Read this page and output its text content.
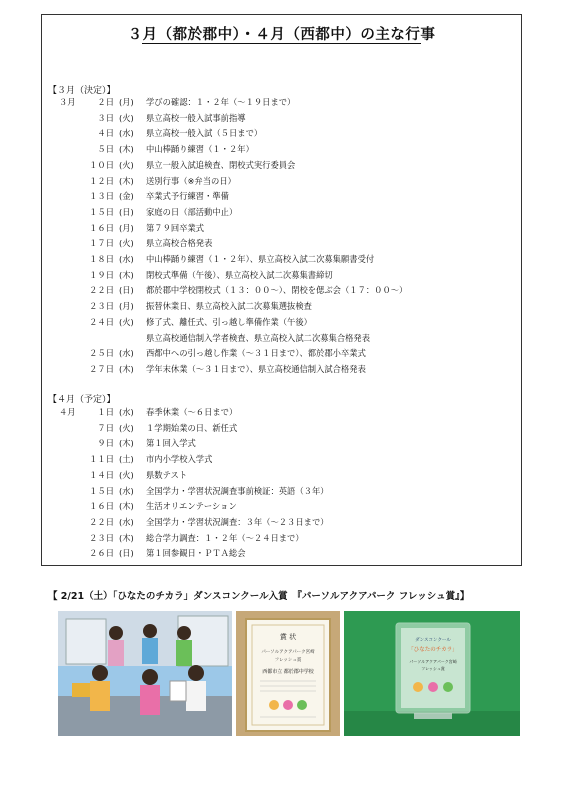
３月（都於郡中）・４月（西都中）の主な行事
【３月（決定）】
３月	２日 (月)	学びの確認：１・２年（～１９日まで）
３日 (火)	県立高校一般入試事前指導
４日 (水)	県立高校一般入試（５日まで）
５日 (木)	中山棒踊り練習（１・２年）
１０日 (火)	県立一般入試追検査、閉校式実行委員会
１２日 (木)	送別行事（※弁当の日）
１３日 (金)	卒業式予行練習・準備
１５日 (日)	家庭の日（部活動中止）
１６日 (月)	第７９回卒業式
１７日 (火)	県立高校合格発表
１８日 (水)	中山棒踊り練習（１・２年）、県立高校入試二次募集願書受付
１９日 (木)	閉校式準備（午後）、県立高校入試二次募集書締切
２２日 (日)	都於郡中学校閉校式（１３：００～）、閉校を偲ぶ会（１７：００～）
２３日 (月)	振替休業日、県立高校入試二次募集選抜検査
２４日 (火)	修了式、離任式、引っ越し準備作業（午後）
県立高校通信制入学者検査、県立高校入試二次募集合格発表
２５日 (水)	西都中への引っ越し作業（～３１日まで）、都於郡小卒業式
２７日 (木)	学年末休業（～３１日まで）、県立高校通信制入試合格発表
【４月（予定）】
４月	１日 (水)	春季休業（～６日まで）
７日 (火)	１学期始業の日、新任式
９日 (木)	第１回入学式
１１日 (土)	市内小学校入学式
１４日 (火)	県数テスト
１５日 (水)	全国学力・学習状況調査事前検証：英語（３年）
１６日 (木)	生活オリエンテーション
２２日 (水)	全国学力・学習状況調査：３年（～２３日まで）
２３日 (木)	総合学力調査：１・２年（～２４日まで）
２６日 (日)	第１回参観日・ＰＴＡ総会
【 2/21（土）「ひなたのチカラ」ダンスコンクール入賞　『パーソルアクアパーク フレッシュ賞』】
賞 状
パーソルアクアパーク宮崎
フレッシュ賞
西都市立 都於郡中学校
ダンスコンクール
「ひなたのチカラ」
パーソルアクアパーク宮崎
フレッシュ賞
